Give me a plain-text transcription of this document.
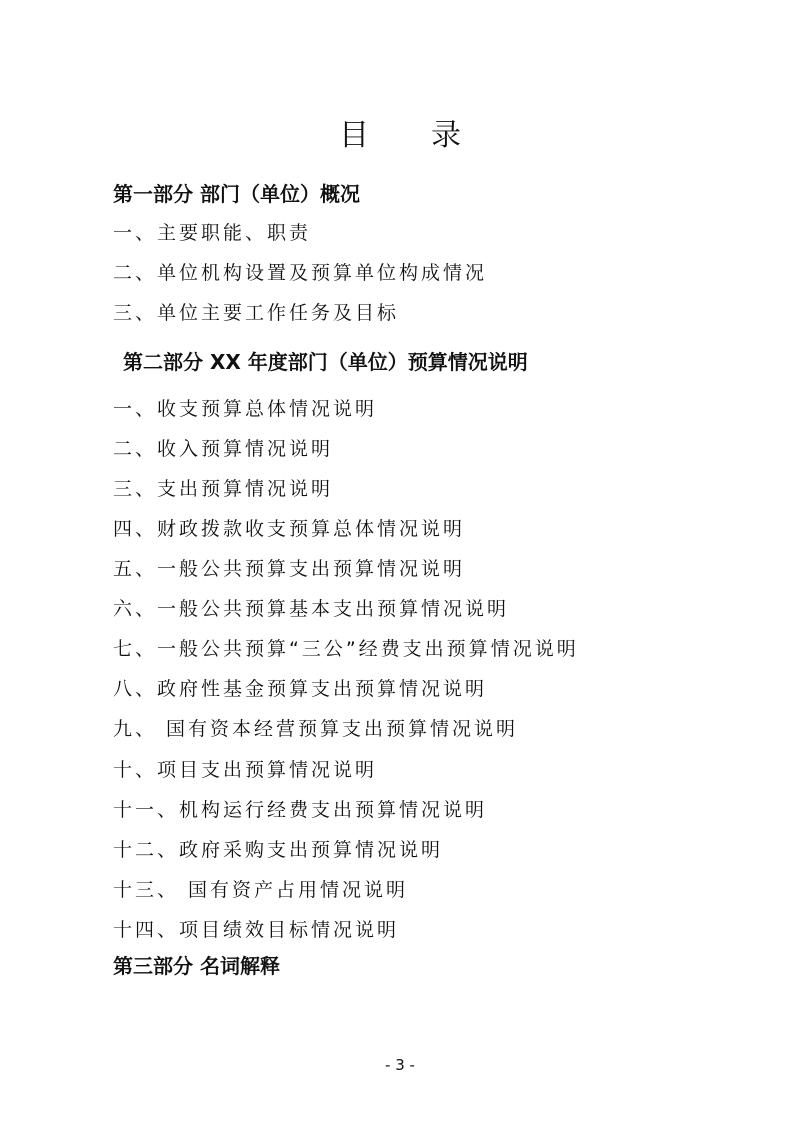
目录
第一部分 部门（单位）概况
一、主要职能、职责
二、单位机构设置及预算单位构成情况
三、单位主要工作任务及目标
第二部分 XX 年度部门（单位）预算情况说明
一、收支预算总体情况说明
二、收入预算情况说明
三、支出预算情况说明
四、财政拨款收支预算总体情况说明
五、一般公共预算支出预算情况说明
六、一般公共预算基本支出预算情况说明
七、一般公共预算“三公”经费支出预算情况说明
八、政府性基金预算支出预算情况说明
九、 国有资本经营预算支出预算情况说明
十、项目支出预算情况说明
十一、机构运行经费支出预算情况说明
十二、政府采购支出预算情况说明
十三、 国有资产占用情况说明
十四、项目绩效目标情况说明
第三部分 名词解释
- 3 -
